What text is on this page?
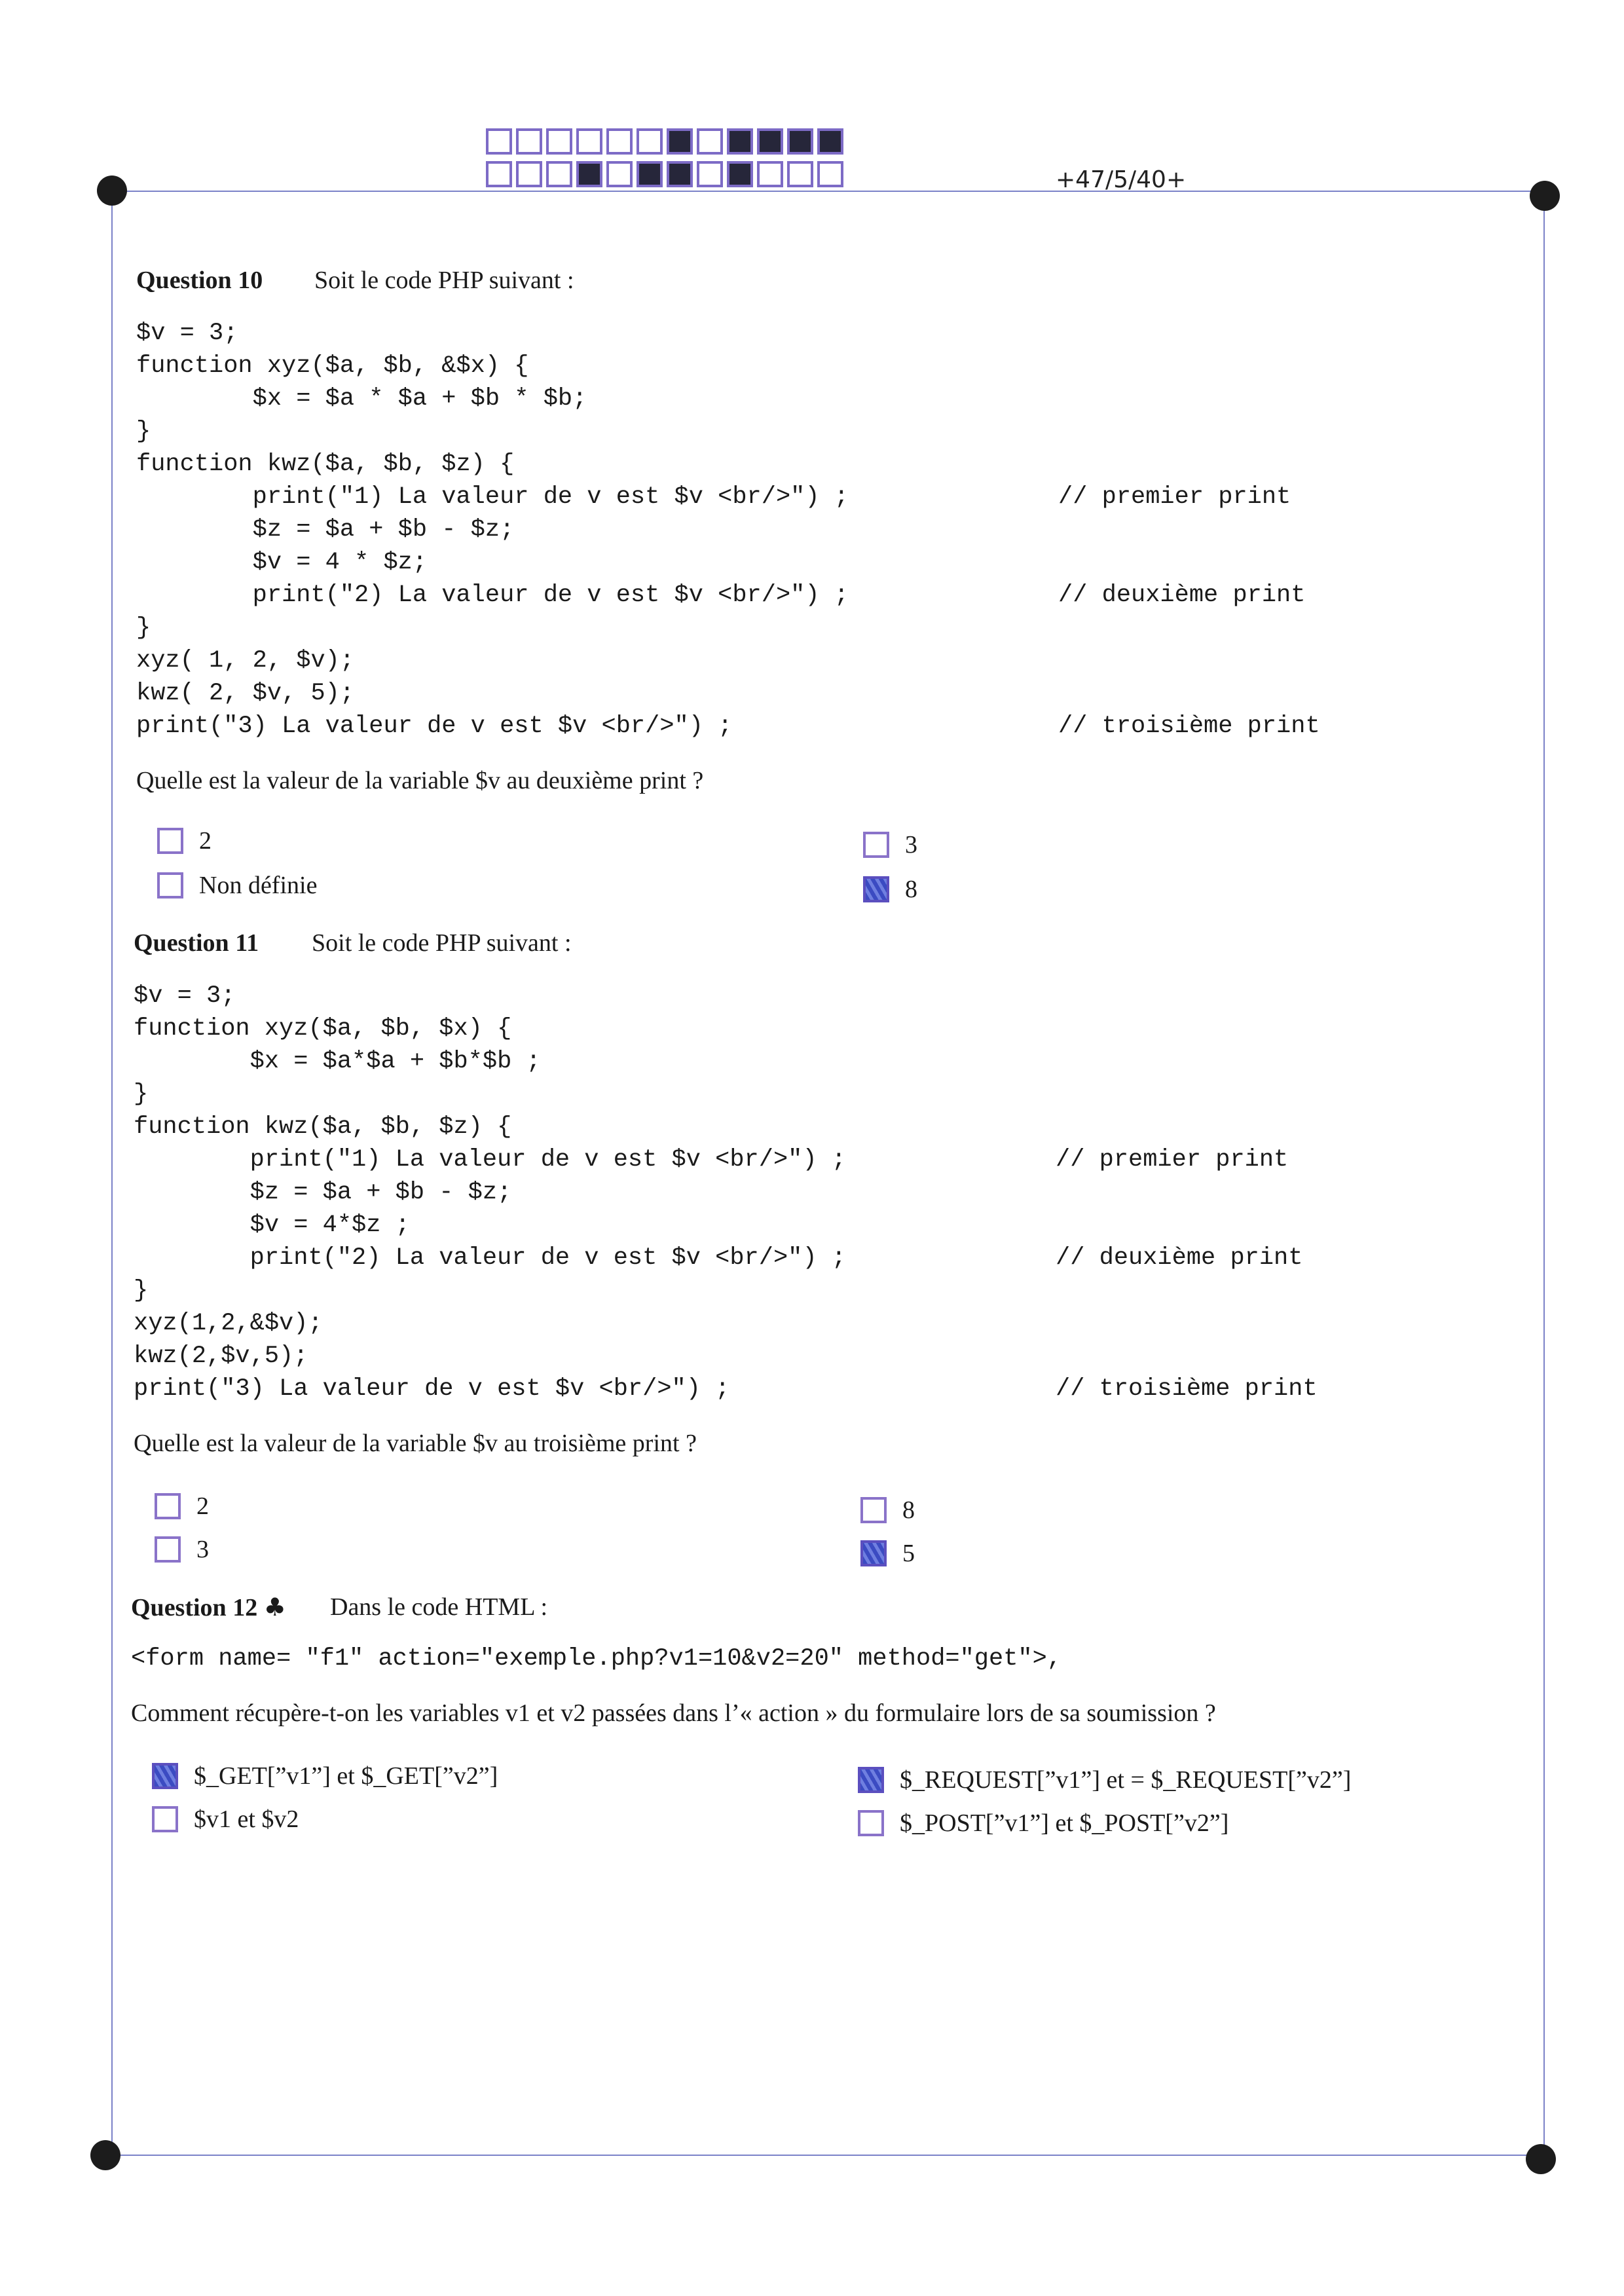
+47/5/40+
Question 10 Soit le code PHP suivant :
$v = 3;
function xyz($a, $b, &$x) {
$x = $a * $a + $b * $b;
}
function kwz($a, $b, $z) {
print("1) La valeur de v est $v <br/>") ;
$z = $a + $b - $z;
$v = 4 * $z;
print("2) La valeur de v est $v <br/>") ;
}
xyz( 1, 2, $v);
kwz( 2, $v, 5);
print("3) La valeur de v est $v <br/>") ;
// premier print
// deuxième print
// troisième print
Quelle est la valeur de la variable $v au deuxième print ?
2	3
Non définie	8
Question 11 Soit le code PHP suivant :
$v = 3;
function xyz($a, $b, $x) {
$x = $a*$a + $b*$b ;
}
function kwz($a, $b, $z) {
print("1) La valeur de v est $v <br/>") ;
$z = $a + $b - $z;
$v = 4*$z ;
print("2) La valeur de v est $v <br/>") ;
}
xyz(1,2,&$v);
kwz(2,$v,5);
print("3) La valeur de v est $v <br/>") ;
// premier print
// deuxième print
// troisième print
Quelle est la valeur de la variable $v au troisième print ?
2	8
3	5
Question 12 ♣ Dans le code HTML :
<form name= "f1" action="exemple.php?v1=10&v2=20" method="get">,
Comment récupère-t-on les variables v1 et v2 passées dans l’« action » du formulaire lors de sa soumission ?
$_GET[”v1”] et $_GET[”v2”]	$_REQUEST[”v1”] et = $_REQUEST[”v2”]
$v1 et $v2	$_POST[”v1”] et $_POST[”v2”]
